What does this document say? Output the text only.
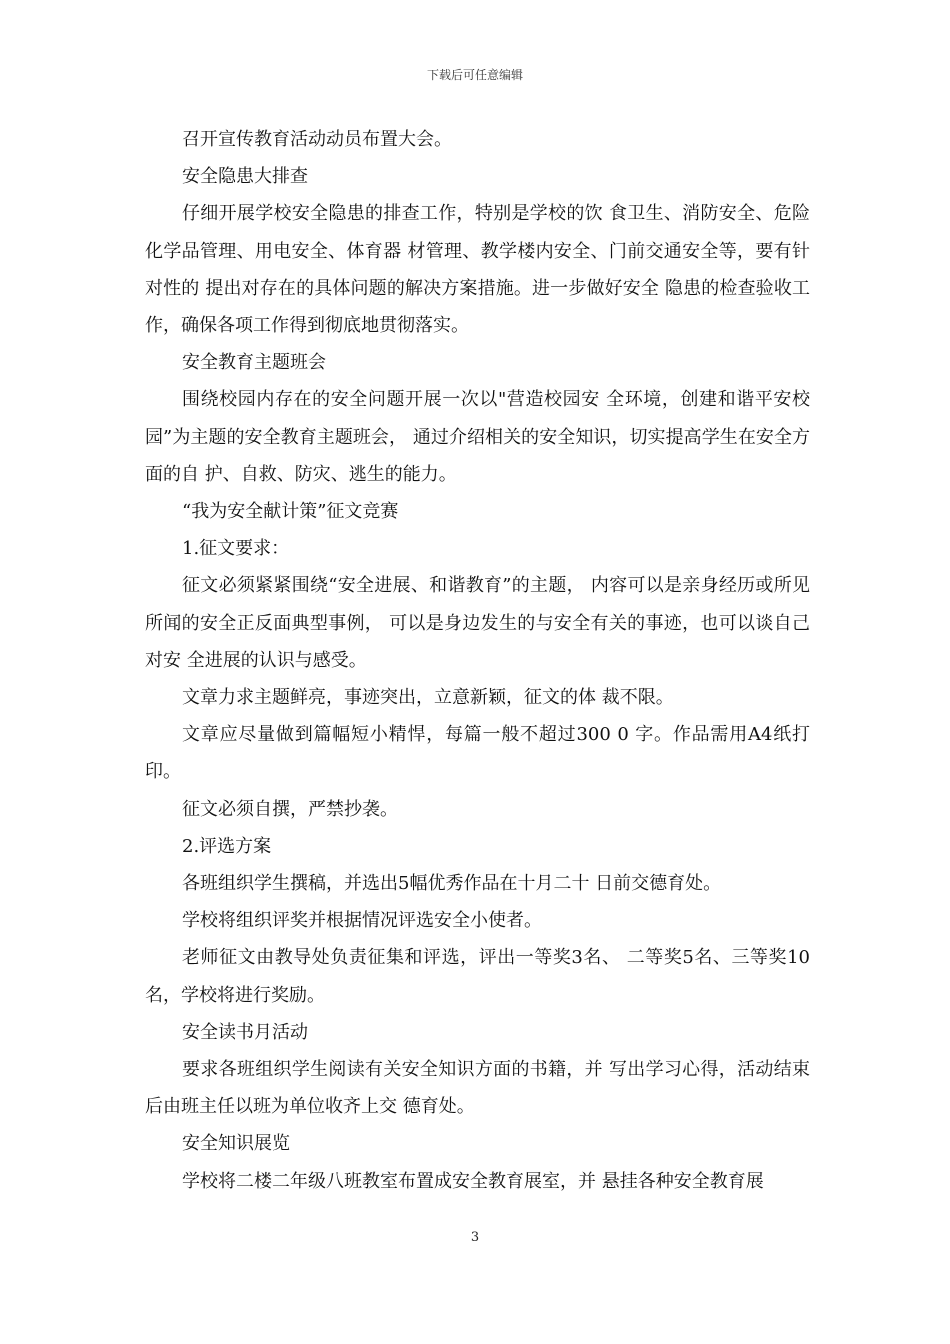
下载后可任意编辑

召开宣传教育活动动员布置大会。

安全隐患大排查

仔细开展学校安全隐患的排查工作，特别是学校的饮 食卫生、消防安全、危险化学品管理、用电安全、体育器 材管理、教学楼内安全、门前交通安全等，要有针对性的 提出对存在的具体问题的解决方案措施。进一步做好安全 隐患的检查验收工作，确保各项工作得到彻底地贯彻落实。

安全教育主题班会

围绕校园内存在的安全问题开展一次以"营造校园安 全环境，创建和谐平安校园”为主题的安全教育主题班会， 通过介绍相关的安全知识，切实提高学生在安全方面的自 护、自救、防灾、逃生的能力。

“我为安全献计策”征文竞赛

1.征文要求：

征文必须紧紧围绕“安全进展、和谐教育”的主题， 内容可以是亲身经历或所见所闻的安全正反面典型事例， 可以是身边发生的与安全有关的事迹，也可以谈自己对安 全进展的认识与感受。

文章力求主题鲜亮，事迹突出，立意新颖，征文的体 裁不限。

文章应尽量做到篇幅短小精悍，每篇一般不超过300 0 字。作品需用A4纸打印。

征文必须自撰，严禁抄袭。

2.评选方案

各班组织学生撰稿，并选出5幅优秀作品在十月二十 日前交德育处。

学校将组织评奖并根据情况评选安全小使者。

老师征文由教导处负责征集和评选，评出一等奖3名、 二等奖5名、三等奖10名，学校将进行奖励。

安全读书月活动

要求各班组织学生阅读有关安全知识方面的书籍，并 写出学习心得，活动结束后由班主任以班为单位收齐上交 德育处。

安全知识展览

学校将二楼二年级八班教室布置成安全教育展室，并 悬挂各种安全教育展

3
